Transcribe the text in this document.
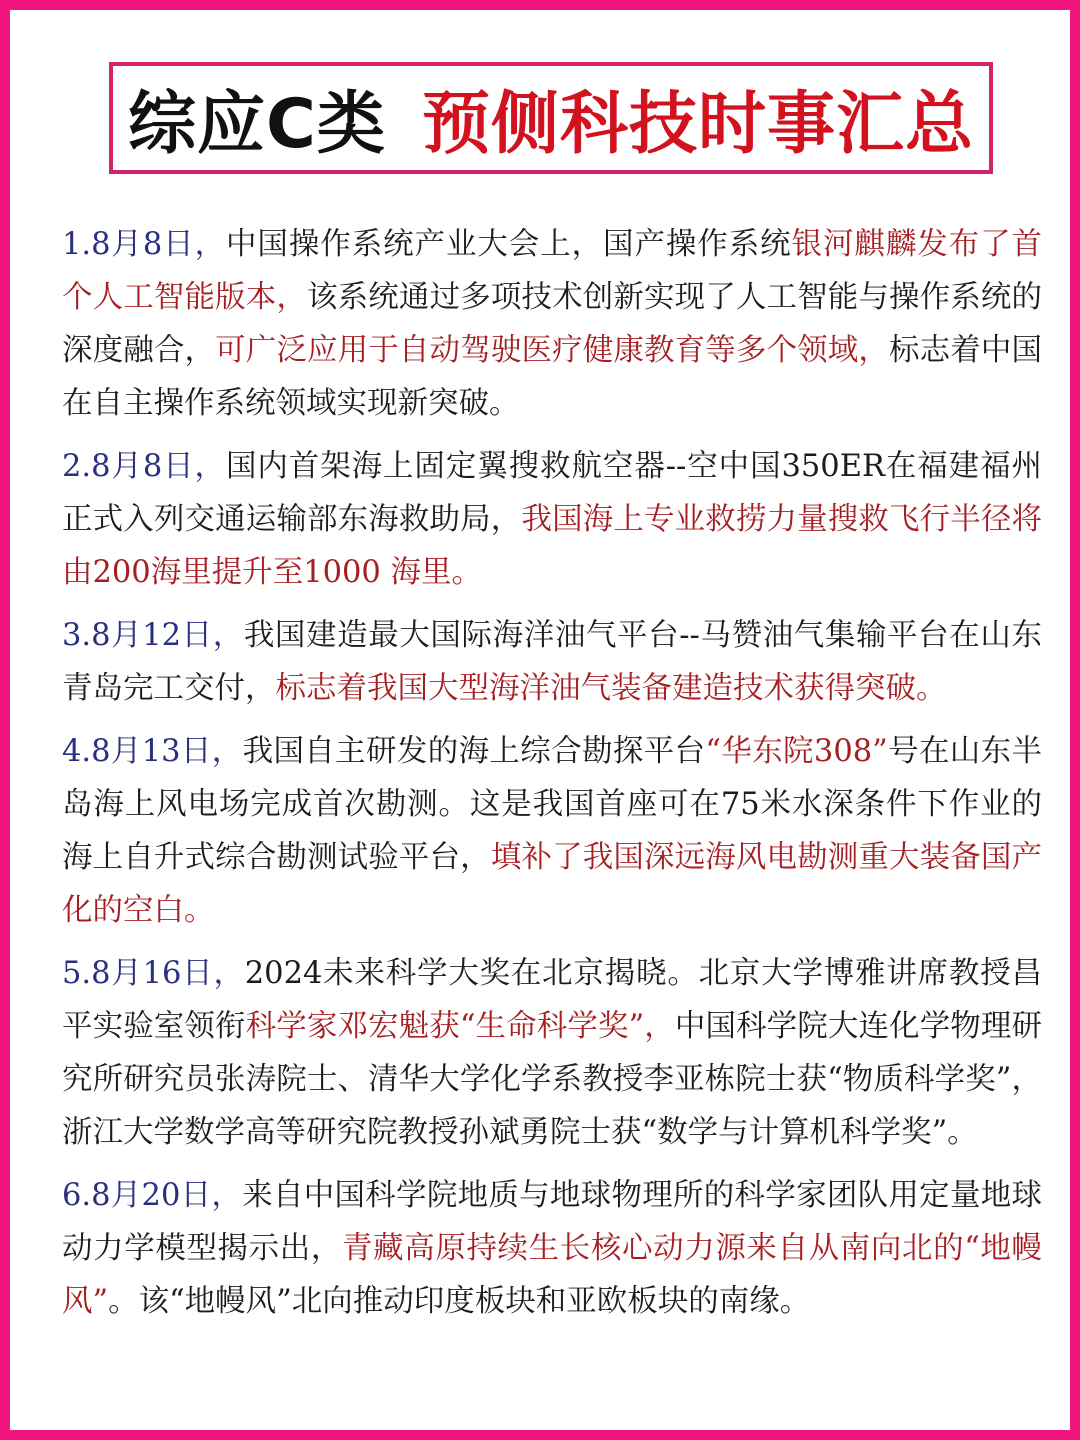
综应C类 预侧科技时事汇总

1.8月8日，中国操作系统产业大会上，国产操作系统银河麒麟发布了首个人工智能版本，该系统通过多项技术创新实现了人工智能与操作系统的深度融合，可广泛应用于自动驾驶医疗健康教育等多个领域，标志着中国在自主操作系统领域实现新突破。

2.8月8日，国内首架海上固定翼搜救航空器--空中国350ER在福建福州正式入列交通运输部东海救助局，我国海上专业救捞力量搜救飞行半径将由200海里提升至1000 海里。

3.8月12日，我国建造最大国际海洋油气平台--马赞油气集输平台在山东青岛完工交付，标志着我国大型海洋油气装备建造技术获得突破。

4.8月13日，我国自主研发的海上综合勘探平台“华东院308”号在山东半岛海上风电场完成首次勘测。这是我国首座可在75米水深条件下作业的海上自升式综合勘测试验平台，填补了我国深远海风电勘测重大装备国产化的空白。

5.8月16日，2024未来科学大奖在北京揭晓。北京大学博雅讲席教授昌平实验室领衔科学家邓宏魁获“生命科学奖”，中国科学院大连化学物理研究所研究员张涛院士、清华大学化学系教授李亚栋院士获“物质科学奖”，浙江大学数学高等研究院教授孙斌勇院士获“数学与计算机科学奖”。

6.8月20日，来自中国科学院地质与地球物理所的科学家团队用定量地球动力学模型揭示出，青藏高原持续生长核心动力源来自从南向北的“地幔风”。该“地幔风”北向推动印度板块和亚欧板块的南缘。
